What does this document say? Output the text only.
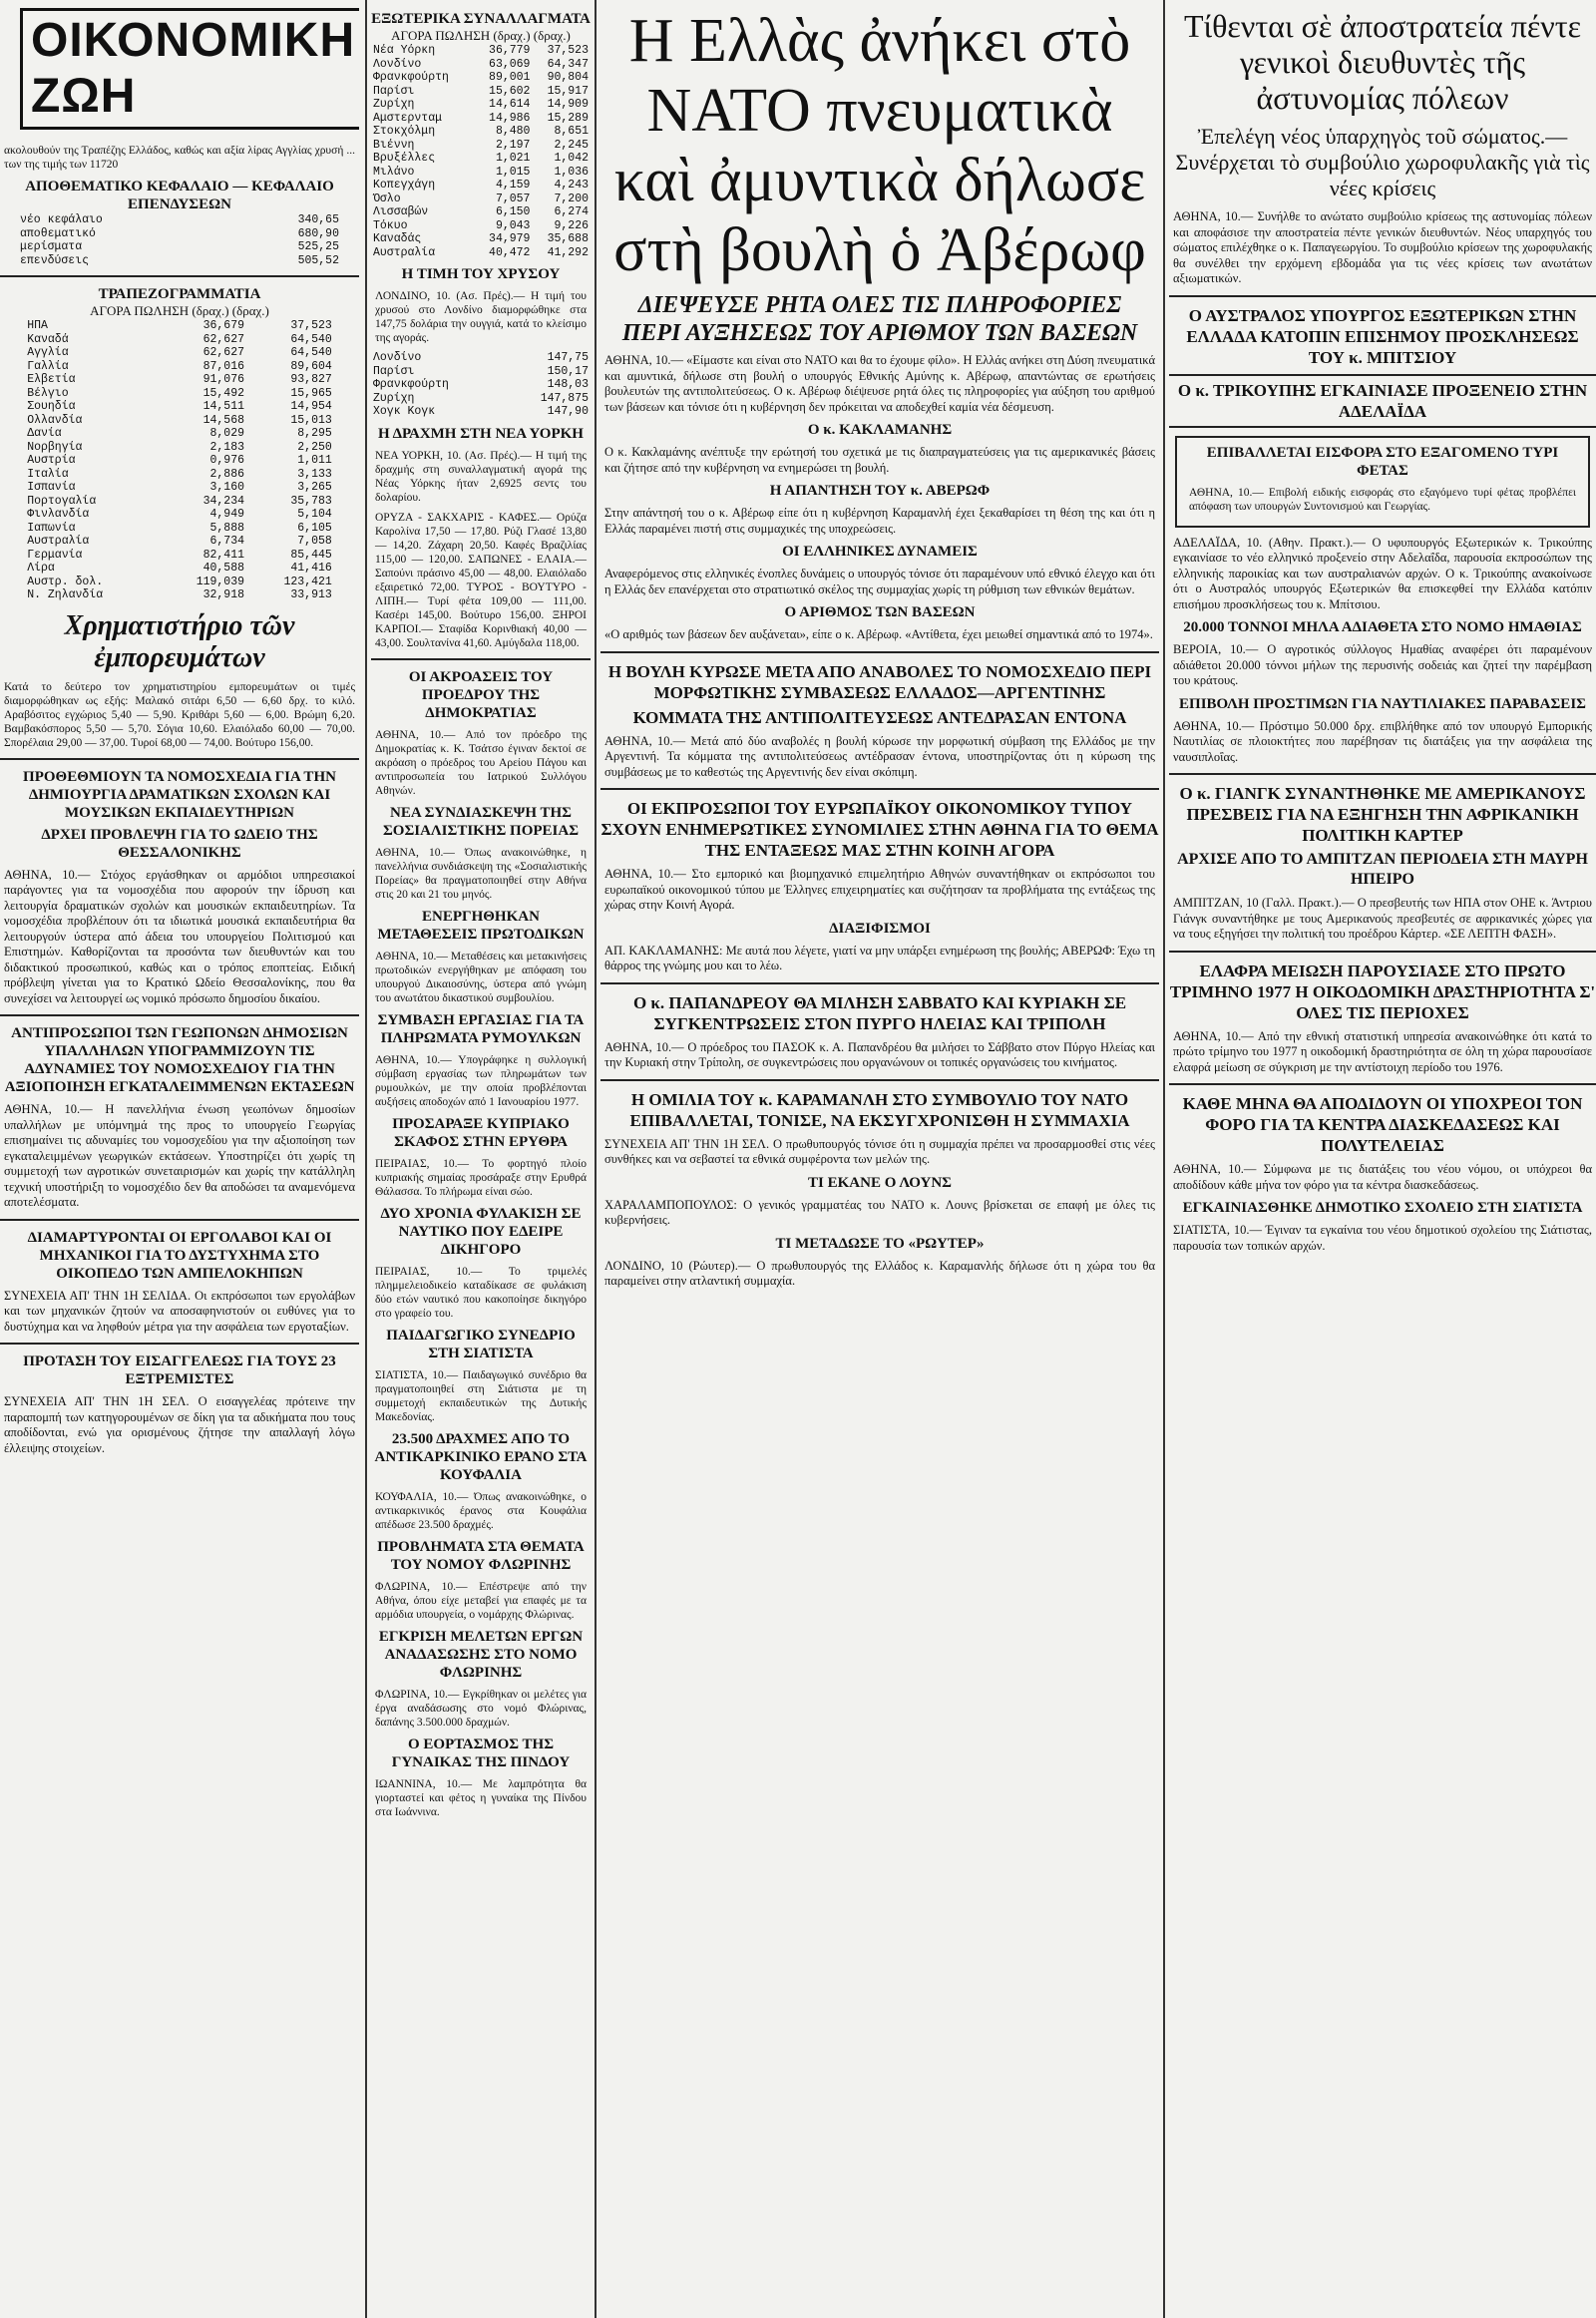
ΟΙΚΟΝΟΜΙΚΗ ΖΩΗ
ακολουθούν της Τραπέζης Ελλάδος, καθώς και αξία λίρας Αγγλίας χρυσή ... των της τιμής των 11720
ΑΠΟΘΕΜΑΤΙΚΟ ΚΕΦΑΛΑΙΟ — ΚΕΦΑΛΑΙΟ ΕΠΕΝΔΥΣΕΩΝ
νέο κεφάλαιο	340,65
αποθεματικό	680,90
μερίσματα	525,25
επενδύσεις	505,52
ΤΡΑΠΕΖΟΓΡΑΜΜΑΤΙΑ
ΑΓΟΡΑ ΠΩΛΗΣΗ (δραχ.) (δραχ.)
ΗΠΑ	36,679	37,523
Καναδά	62,627	64,540
Αγγλία	62,627	64,540
Γαλλία	87,016	89,604
Ελβετία	91,076	93,827
Βέλγιο	15,492	15,965
Σουηδία	14,511	14,954
Ολλανδία	14,568	15,013
Δανία	8,029	8,295
Νορβηγία	2,183	2,250
Αυστρία	0,976	1,011
Ιταλία	2,886	3,133
Ισπανία	3,160	3,265
Πορτογαλία	34,234	35,783
Φινλανδία	4,949	5,104
Ιαπωνία	5,888	6,105
Αυστραλία	6,734	7,058
Γερμανία	82,411	85,445
Λίρα	40,588	41,416
Αυστρ. δολ.	119,039	123,421
Ν. Ζηλανδία	32,918	33,913
Χρηματιστήριο τῶν ἐμπορευμάτων
Κατά το δεύτερο τον χρηματιστηρίου εμπορευμάτων οι τιμές διαμορφώθηκαν ως εξής: Μαλακό σιτάρι 6,50 — 6,60 δρχ. το κιλό. Αραβόσιτος εγχώριος 5,40 — 5,90. Κριθάρι 5,60 — 6,00. Βρώμη 6,20. Βαμβακόσπορος 5,50 — 5,70. Σόγια 10,60. Ελαιόλαδο 60,00 — 70,00. Σπορέλαια 29,00 — 37,00. Τυροί 68,00 — 74,00. Βούτυρο 156,00.
ΠΡΟΘΕΘΜΙΟΥΝ ΤΑ ΝΟΜΟΣΧΕΔΙΑ ΓΙΑ ΤΗΝ ΔΗΜΙΟΥΡΓΙΑ ΔΡΑΜΑΤΙΚΩΝ ΣΧΟΛΩΝ ΚΑΙ ΜΟΥΣΙΚΩΝ ΕΚΠΑΙΔΕΥΤΗΡΙΩΝ
ΔΡΧΕΙ ΠΡΟΒΛΕΨΗ ΓΙΑ ΤΟ ΩΔΕΙΟ ΤΗΣ ΘΕΣΣΑΛΟΝΙΚΗΣ
ΑΘΗΝΑ, 10.— Στόχος εργάσθηκαν οι αρμόδιοι υπηρεσιακοί παράγοντες για τα νομοσχέδια που αφορούν την ίδρυση και λειτουργία δραματικών σχολών και μουσικών εκπαιδευτηρίων. Τα νομοσχέδια προβλέπουν ότι τα ιδιωτικά μουσικά εκπαιδευτήρια θα λειτουργούν ύστερα από άδεια του υπουργείου Πολιτισμού και Επιστημών. Καθορίζονται τα προσόντα των διευθυντών και του διδακτικού προσωπικού, καθώς και ο τρόπος εποπτείας. Ειδική πρόβλεψη γίνεται για το Κρατικό Ωδείο Θεσσαλονίκης, που θα συνεχίσει να λειτουργεί ως νομικό πρόσωπο δημοσίου δικαίου.
ΑΝΤΙΠΡΟΣΩΠΟΙ ΤΩΝ ΓΕΩΠΟΝΩΝ ΔΗΜΟΣΙΩΝ ΥΠΑΛΛΗΛΩΝ ΥΠΟΓΡΑΜΜΙΖΟΥΝ ΤΙΣ ΑΔΥΝΑΜΙΕΣ ΤΟΥ ΝΟΜΟΣΧΕΔΙΟΥ ΓΙΑ ΤΗΝ ΑΞΙΟΠΟΙΗΣΗ ΕΓΚΑΤΑΛΕΙΜΜΕΝΩΝ ΕΚΤΑΣΕΩΝ
ΑΘΗΝΑ, 10.— Η πανελλήνια ένωση γεωπόνων δημοσίων υπαλλήλων με υπόμνημά της προς το υπουργείο Γεωργίας επισημαίνει τις αδυναμίες του νομοσχεδίου για την αξιοποίηση των εγκαταλειμμένων γεωργικών εκτάσεων. Υποστηρίζει ότι χωρίς τη συμμετοχή των αγροτικών συνεταιρισμών και χωρίς την κατάλληλη τεχνική υποστήριξη το νομοσχέδιο δεν θα αποδώσει τα αναμενόμενα αποτελέσματα.
ΔΙΑΜΑΡΤΥΡΟΝΤΑΙ ΟΙ ΕΡΓΟΛΑΒΟΙ ΚΑΙ ΟΙ ΜΗΧΑΝΙΚΟΙ ΓΙΑ ΤΟ ΔΥΣΤΥΧΗΜΑ ΣΤΟ ΟΙΚΟΠΕΔΟ ΤΩΝ ΑΜΠΕΛΟΚΗΠΩΝ
ΣΥΝΕΧΕΙΑ ΑΠ' ΤΗΝ 1Η ΣΕΛΙΔΑ. Οι εκπρόσωποι των εργολάβων και των μηχανικών ζητούν να αποσαφηνιστούν οι ευθύνες για το δυστύχημα και να ληφθούν μέτρα για την ασφάλεια των εργοταξίων.
ΠΡΟΤΑΣΗ ΤΟΥ ΕΙΣΑΓΓΕΛΕΩΣ ΓΙΑ ΤΟΥΣ 23 ΕΞΤΡΕΜΙΣΤΕΣ
ΣΥΝΕΧΕΙΑ ΑΠ' ΤΗΝ 1Η ΣΕΛ. Ο εισαγγελέας πρότεινε την παραπομπή των κατηγορουμένων σε δίκη για τα αδικήματα που τους αποδίδονται, ενώ για ορισμένους ζήτησε την απαλλαγή λόγω έλλειψης στοιχείων.
ΕΞΩΤΕΡΙΚΑ ΣΥΝΑΛΛΑΓΜΑΤΑ
ΑΓΟΡΑ ΠΩΛΗΣΗ (δραχ.) (δραχ.)
Νέα Υόρκη	36,779	37,523
Λονδίνο	63,069	64,347
Φρανκφούρτη	89,001	90,804
Παρίσι	15,602	15,917
Ζυρίχη	14,614	14,909
Αμστερνταμ	14,986	15,289
Στοκχόλμη	8,480	8,651
Βιέννη	2,197	2,245
Βρυξέλλες	1,021	1,042
Μιλάνο	1,015	1,036
Κοπεγχάγη	4,159	4,243
Όσλο	7,057	7,200
Λισσαβών	6,150	6,274
Τόκυο	9,043	9,226
Καναδάς	34,979	35,688
Αυστραλία	40,472	41,292
Η ΤΙΜΗ ΤΟΥ ΧΡΥΣΟΥ
ΛΟΝΔΙΝΟ, 10. (Ασ. Πρές).— Η τιμή του χρυσού στο Λονδίνο διαμορφώθηκε στα 147,75 δολάρια την ουγγιά, κατά το κλείσιμο της αγοράς.
Λονδίνο	147,75
Παρίσι	150,17
Φρανκφούρτη	148,03
Ζυρίχη	147,875
Χογκ Κογκ	147,90
Η ΔΡΑΧΜΗ ΣΤΗ ΝΕΑ ΥΟΡΚΗ
ΝΕΑ ΥΟΡΚΗ, 10. (Ασ. Πρές).— Η τιμή της δραχμής στη συναλλαγματική αγορά της Νέας Υόρκης ήταν 2,6925 σεντς του δολαρίου.
ΟΡΥΖΑ - ΣΑΚΧΑΡΙΣ - ΚΑΦΕΣ.— Ορύζα Καρολίνα 17,50 — 17,80. Ρύζι Γλασέ 13,80 — 14,20. Ζάχαρη 20,50. Καφές Βραζιλίας 115,00 — 120,00. ΣΑΠΩΝΕΣ - ΕΛΑΙΑ.— Σαπούνι πράσινο 45,00 — 48,00. Ελαιόλαδο εξαιρετικό 72,00. ΤΥΡΟΣ - ΒΟΥΤΥΡΟ - ΛΙΠΗ.— Τυρί φέτα 109,00 — 111,00. Κασέρι 145,00. Βούτυρο 156,00. ΞΗΡΟΙ ΚΑΡΠΟΙ.— Σταφίδα Κορινθιακή 40,00 — 43,00. Σουλτανίνα 41,60. Αμύγδαλα 118,00.
ΟΙ ΑΚΡΟΑΣΕΙΣ ΤΟΥ ΠΡΟΕΔΡΟΥ ΤΗΣ ΔΗΜΟΚΡΑΤΙΑΣ
ΑΘΗΝΑ, 10.— Από τον πρόεδρο της Δημοκρατίας κ. Κ. Τσάτσο έγιναν δεκτοί σε ακρόαση ο πρόεδρος του Αρείου Πάγου και αντιπροσωπεία του Ιατρικού Συλλόγου Αθηνών.
ΝΕΑ ΣΥΝΔΙΑΣΚΕΨΗ ΤΗΣ ΣΟΣΙΑΛΙΣΤΙΚΗΣ ΠΟΡΕΙΑΣ
ΑΘΗΝΑ, 10.— Όπως ανακοινώθηκε, η πανελλήνια συνδιάσκεψη της «Σοσιαλιστικής Πορείας» θα πραγματοποιηθεί στην Αθήνα στις 20 και 21 του μηνός.
ΕΝΕΡΓΗΘΗΚΑΝ ΜΕΤΑΘΕΣΕΙΣ ΠΡΩΤΟΔΙΚΩΝ
ΑΘΗΝΑ, 10.— Μεταθέσεις και μετακινήσεις πρωτοδικών ενεργήθηκαν με απόφαση του υπουργού Δικαιοσύνης, ύστερα από γνώμη του ανωτάτου δικαστικού συμβουλίου.
ΣΥΜΒΑΣΗ ΕΡΓΑΣΙΑΣ ΓΙΑ ΤΑ ΠΛΗΡΩΜΑΤΑ ΡΥΜΟΥΛΚΩΝ
ΑΘΗΝΑ, 10.— Υπογράφηκε η συλλογική σύμβαση εργασίας των πληρωμάτων των ρυμουλκών, με την οποία προβλέπονται αυξήσεις αποδοχών από 1 Ιανουαρίου 1977.
ΠΡΟΣΑΡΑΞΕ ΚΥΠΡΙΑΚΟ ΣΚΑΦΟΣ ΣΤΗΝ ΕΡΥΘΡΑ
ΠΕΙΡΑΙΑΣ, 10.— Το φορτηγό πλοίο κυπριακής σημαίας προσάραξε στην Ερυθρά Θάλασσα. Το πλήρωμα είναι σώο.
ΔΥΟ ΧΡΟΝΙΑ ΦΥΛΑΚΙΣΗ ΣΕ ΝΑΥΤΙΚΟ ΠΟΥ ΕΔΕΙΡΕ ΔΙΚΗΓΟΡΟ
ΠΕΙΡΑΙΑΣ, 10.— Το τριμελές πλημμελειοδικείο καταδίκασε σε φυλάκιση δύο ετών ναυτικό που κακοποίησε δικηγόρο στο γραφείο του.
ΠΑΙΔΑΓΩΓΙΚΟ ΣΥΝΕΔΡΙΟ ΣΤΗ ΣΙΑΤΙΣΤΑ
ΣΙΑΤΙΣΤΑ, 10.— Παιδαγωγικό συνέδριο θα πραγματοποιηθεί στη Σιάτιστα με τη συμμετοχή εκπαιδευτικών της Δυτικής Μακεδονίας.
23.500 ΔΡΑΧΜΕΣ ΑΠΟ ΤΟ ΑΝΤΙΚΑΡΚΙΝΙΚΟ ΕΡΑΝΟ ΣΤΑ ΚΟΥΦΑΛΙΑ
ΚΟΥΦΑΛΙΑ, 10.— Όπως ανακοινώθηκε, ο αντικαρκινικός έρανος στα Κουφάλια απέδωσε 23.500 δραχμές.
ΠΡΟΒΛΗΜΑΤΑ ΣΤΑ ΘΕΜΑΤΑ ΤΟΥ ΝΟΜΟΥ ΦΛΩΡΙΝΗΣ
ΦΛΩΡΙΝΑ, 10.— Επέστρεψε από την Αθήνα, όπου είχε μεταβεί για επαφές με τα αρμόδια υπουργεία, ο νομάρχης Φλώρινας.
ΕΓΚΡΙΣΗ ΜΕΛΕΤΩΝ ΕΡΓΩΝ ΑΝΑΔΑΣΩΣΗΣ ΣΤΟ ΝΟΜΟ ΦΛΩΡΙΝΗΣ
ΦΛΩΡΙΝΑ, 10.— Εγκρίθηκαν οι μελέτες για έργα αναδάσωσης στο νομό Φλώρινας, δαπάνης 3.500.000 δραχμών.
Ο ΕΟΡΤΑΣΜΟΣ ΤΗΣ ΓΥΝΑΙΚΑΣ ΤΗΣ ΠΙΝΔΟΥ
ΙΩΑΝΝΙΝΑ, 10.— Με λαμπρότητα θα γιορταστεί και φέτος η γυναίκα της Πίνδου στα Ιωάννινα.
Η Ελλὰς ἀνήκει στὸ ΝΑΤΟ πνευματικὰ καὶ ἀμυντικὰ δήλωσε στὴ βουλὴ ὁ Ἀβέρωφ
ΔΙΕΨΕΥΣΕ ΡΗΤΑ ΟΛΕΣ ΤΙΣ ΠΛΗΡΟΦΟΡΙΕΣ ΠΕΡΙ ΑΥΞΗΣΕΩΣ ΤΟΥ ΑΡΙΘΜΟΥ ΤΩΝ ΒΑΣΕΩΝ
ΑΘΗΝΑ, 10.— «Είμαστε και είναι στο ΝΑΤΟ και θα το έχουμε φίλο». Η Ελλάς ανήκει στη Δύση πνευματικά και αμυντικά, δήλωσε στη βουλή ο υπουργός Εθνικής Αμύνης κ. Αβέρωφ, απαντώντας σε ερωτήσεις βουλευτών της αντιπολιτεύσεως. Ο κ. Αβέρωφ διέψευσε ρητά όλες τις πληροφορίες για αύξηση του αριθμού των βάσεων και τόνισε ότι η κυβέρνηση δεν πρόκειται να αποδεχθεί καμία νέα δέσμευση.
Ο κ. ΚΑΚΛΑΜΑΝΗΣ
Ο κ. Κακλαμάνης ανέπτυξε την ερώτησή του σχετικά με τις διαπραγματεύσεις για τις αμερικανικές βάσεις και ζήτησε από την κυβέρνηση να ενημερώσει τη βουλή.
Η ΑΠΑΝΤΗΣΗ ΤΟΥ κ. ΑΒΕΡΩΦ
Στην απάντησή του ο κ. Αβέρωφ είπε ότι η κυβέρνηση Καραμανλή έχει ξεκαθαρίσει τη θέση της και ότι η Ελλάς παραμένει πιστή στις συμμαχικές της υποχρεώσεις.
ΟΙ ΕΛΛΗΝΙΚΕΣ ΔΥΝΑΜΕΙΣ
Αναφερόμενος στις ελληνικές ένοπλες δυνάμεις ο υπουργός τόνισε ότι παραμένουν υπό εθνικό έλεγχο και ότι η Ελλάς δεν επανέρχεται στο στρατιωτικό σκέλος της συμμαχίας χωρίς τη ρύθμιση των εθνικών θεμάτων.
Ο ΑΡΙΘΜΟΣ ΤΩΝ ΒΑΣΕΩΝ
«Ο αριθμός των βάσεων δεν αυξάνεται», είπε ο κ. Αβέρωφ. «Αντίθετα, έχει μειωθεί σημαντικά από το 1974».
Η ΒΟΥΛΗ ΚΥΡΩΣΕ ΜΕΤΑ ΑΠΟ ΑΝΑΒΟΛΕΣ ΤΟ ΝΟΜΟΣΧΕΔΙΟ ΠΕΡΙ ΜΟΡΦΩΤΙΚΗΣ ΣΥΜΒΑΣΕΩΣ ΕΛΛΑΔΟΣ—ΑΡΓΕΝΤΙΝΗΣ
ΚΟΜΜΑΤΑ ΤΗΣ ΑΝΤΙΠΟΛΙΤΕΥΣΕΩΣ ΑΝΤΕΔΡΑΣΑΝ ΕΝΤΟΝΑ
ΑΘΗΝΑ, 10.— Μετά από δύο αναβολές η βουλή κύρωσε την μορφωτική σύμβαση της Ελλάδος με την Αργεντινή. Τα κόμματα της αντιπολιτεύσεως αντέδρασαν έντονα, υποστηρίζοντας ότι η κύρωση της συμβάσεως με το καθεστώς της Αργεντινής δεν είναι σκόπιμη.
ΟΙ ΕΚΠΡΟΣΩΠΟΙ ΤΟΥ ΕΥΡΩΠΑΪΚΟΥ ΟΙΚΟΝΟΜΙΚΟΥ ΤΥΠΟΥ ΣΧΟΥΝ ΕΝΗΜΕΡΩΤΙΚΕΣ ΣΥΝΟΜΙΛΙΕΣ ΣΤΗΝ ΑΘΗΝΑ ΓΙΑ ΤΟ ΘΕΜΑ ΤΗΣ ΕΝΤΑΞΕΩΣ ΜΑΣ ΣΤΗΝ ΚΟΙΝΗ ΑΓΟΡΑ
ΑΘΗΝΑ, 10.— Στο εμπορικό και βιομηχανικό επιμελητήριο Αθηνών συναντήθηκαν οι εκπρόσωποι του ευρωπαϊκού οικονομικού τύπου με Έλληνες επιχειρηματίες και συζήτησαν τα προβλήματα της εντάξεως της χώρας στην Κοινή Αγορά.
ΔΙΑΞΙΦΙΣΜΟΙ
ΑΠ. ΚΑΚΛΑΜΑΝΗΣ: Με αυτά που λέγετε, γιατί να μην υπάρξει ενημέρωση της βουλής; ΑΒΕΡΩΦ: Έχω τη θάρρος της γνώμης μου και το λέω.
Ο κ. ΠΑΠΑΝΔΡΕΟΥ ΘΑ ΜΙΛΗΣΗ ΣΑΒΒΑΤΟ ΚΑΙ ΚΥΡΙΑΚΗ ΣΕ ΣΥΓΚΕΝΤΡΩΣΕΙΣ ΣΤΟΝ ΠΥΡΓΟ ΗΛΕΙΑΣ ΚΑΙ ΤΡΙΠΟΛΗ
ΑΘΗΝΑ, 10.— Ο πρόεδρος του ΠΑΣΟΚ κ. Α. Παπανδρέου θα μιλήσει το Σάββατο στον Πύργο Ηλείας και την Κυριακή στην Τρίπολη, σε συγκεντρώσεις που οργανώνουν οι τοπικές οργανώσεις του κινήματος.
Η ΟΜΙΛΙΑ ΤΟΥ κ. ΚΑΡΑΜΑΝΛΗ ΣΤΟ ΣΥΜΒΟΥΛΙΟ ΤΟΥ ΝΑΤΟ ΕΠΙΒΑΛΛΕΤΑΙ, ΤΟΝΙΣΕ, ΝΑ ΕΚΣΥΓΧΡΟΝΙΣΘΗ Η ΣΥΜΜΑΧΙΑ
ΣΥΝΕΧΕΙΑ ΑΠ' ΤΗΝ 1Η ΣΕΛ. Ο πρωθυπουργός τόνισε ότι η συμμαχία πρέπει να προσαρμοσθεί στις νέες συνθήκες και να σεβαστεί τα εθνικά συμφέροντα των μελών της.
ΤΙ ΕΚΑΝΕ Ο ΛΟΥΝΣ
ΧΑΡΑΛΑΜΠΟΠΟΥΛΟΣ: Ο γενικός γραμματέας του ΝΑΤΟ κ. Λουνς βρίσκεται σε επαφή με όλες τις κυβερνήσεις.
ΤΙ ΜΕΤΑΔΩΣΕ ΤΟ «ΡΩΥΤΕΡ»
ΛΟΝΔΙΝΟ, 10 (Ρώυτερ).— Ο πρωθυπουργός της Ελλάδος κ. Καραμανλής δήλωσε ότι η χώρα του θα παραμείνει στην ατλαντική συμμαχία.
Τίθενται σὲ ἀποστρατεία πέντε γενικοὶ διευθυντὲς τῆς ἀστυνομίας πόλεων
Ἐπελέγη νέος ὑπαρχηγὸς τοῦ σώματος.— Συνέρχεται τὸ συμβούλιο χωροφυλακῆς γιὰ τὶς νέες κρίσεις
ΑΘΗΝΑ, 10.— Συνήλθε το ανώτατο συμβούλιο κρίσεως της αστυνομίας πόλεων και αποφάσισε την αποστρατεία πέντε γενικών διευθυντών. Νέος υπαρχηγός του σώματος επιλέχθηκε ο κ. Παπαγεωργίου. Το συμβούλιο κρίσεων της χωροφυλακής θα συνέλθει την ερχόμενη εβδομάδα για τις νέες κρίσεις των ανωτάτων αξιωματικών.
Ο ΑΥΣΤΡΑΛΟΣ ΥΠΟΥΡΓΟΣ ΕΞΩΤΕΡΙΚΩΝ ΣΤΗΝ ΕΛΛΑΔΑ ΚΑΤΟΠΙΝ ΕΠΙΣΗΜΟΥ ΠΡΟΣΚΛΗΣΕΩΣ ΤΟΥ κ. ΜΠΙΤΣΙΟΥ
Ο κ. ΤΡΙΚΟΥΠΗΣ ΕΓΚΑΙΝΙΑΣΕ ΠΡΟΞΕΝΕΙΟ ΣΤΗΝ ΑΔΕΛΑΪΔΑ
ΕΠΙΒΑΛΛΕΤΑΙ ΕΙΣΦΟΡΑ ΣΤΟ ΕΞΑΓΟΜΕΝΟ ΤΥΡΙ ΦΕΤΑΣ
ΑΘΗΝΑ, 10.— Επιβολή ειδικής εισφοράς στο εξαγόμενο τυρί φέτας προβλέπει απόφαση των υπουργών Συντονισμού και Γεωργίας.
ΑΔΕΛΑΪΔΑ, 10. (Αθην. Πρακτ.).— Ο υφυπουργός Εξωτερικών κ. Τρικούπης εγκαινίασε το νέο ελληνικό προξενείο στην Αδελαΐδα, παρουσία εκπροσώπων της ελληνικής παροικίας και των αυστραλιανών αρχών. Ο κ. Τρικούπης ανακοίνωσε ότι ο Αυστραλός υπουργός Εξωτερικών θα επισκεφθεί την Ελλάδα κατόπιν επισήμου προσκλήσεως του κ. Μπίτσιου.
20.000 ΤΟΝΝΟΙ ΜΗΛΑ ΑΔΙΑΘΕΤΑ ΣΤΟ ΝΟΜΟ ΗΜΑΘΙΑΣ
ΒΕΡΟΙΑ, 10.— Ο αγροτικός σύλλογος Ημαθίας αναφέρει ότι παραμένουν αδιάθετοι 20.000 τόννοι μήλων της περυσινής σοδειάς και ζητεί την παρέμβαση του κράτους.
ΕΠΙΒΟΛΗ ΠΡΟΣΤΙΜΩΝ ΓΙΑ ΝΑΥΤΙΛΙΑΚΕΣ ΠΑΡΑΒΑΣΕΙΣ
ΑΘΗΝΑ, 10.— Πρόστιμο 50.000 δρχ. επιβλήθηκε από τον υπουργό Εμπορικής Ναυτιλίας σε πλοιοκτήτες που παρέβησαν τις διατάξεις για την ασφάλεια της ναυσιπλοΐας.
Ο κ. ΓΙΑΝΓΚ ΣΥΝΑΝΤΗΘΗΚΕ ΜΕ ΑΜΕΡΙΚΑΝΟΥΣ ΠΡΕΣΒΕΙΣ ΓΙΑ ΝΑ ΕΞΗΓΗΣΗ ΤΗΝ ΑΦΡΙΚΑΝΙΚΗ ΠΟΛΙΤΙΚΗ ΚΑΡΤΕΡ
ΑΡΧΙΣΕ ΑΠΟ ΤΟ ΑΜΠΙΤΖΑΝ ΠΕΡΙΟΔΕΙΑ ΣΤΗ ΜΑΥΡΗ ΗΠΕΙΡΟ
ΑΜΠΙΤΖΑΝ, 10 (Γαλλ. Πρακτ.).— Ο πρεσβευτής των ΗΠΑ στον ΟΗΕ κ. Άντριου Γιάνγκ συναντήθηκε με τους Αμερικανούς πρεσβευτές σε αφρικανικές χώρες για να τους εξηγήσει την πολιτική του προέδρου Κάρτερ. «ΣΕ ΛΕΠΤΗ ΦΑΣΗ».
ΕΛΑΦΡΑ ΜΕΙΩΣΗ ΠΑΡΟΥΣΙΑΣΕ ΣΤΟ ΠΡΩΤΟ ΤΡΙΜΗΝΟ 1977 Η ΟΙΚΟΔΟΜΙΚΗ ΔΡΑΣΤΗΡΙΟΤΗΤΑ Σ' ΟΛΕΣ ΤΙΣ ΠΕΡΙΟΧΕΣ
ΑΘΗΝΑ, 10.— Από την εθνική στατιστική υπηρεσία ανακοινώθηκε ότι κατά το πρώτο τρίμηνο του 1977 η οικοδομική δραστηριότητα σε όλη τη χώρα παρουσίασε ελαφρά μείωση σε σύγκριση με την αντίστοιχη περίοδο του 1976.
ΚΑΘΕ ΜΗΝΑ ΘΑ ΑΠΟΔΙΔΟΥΝ ΟΙ ΥΠΟΧΡΕΟΙ ΤΟΝ ΦΟΡΟ ΓΙΑ ΤΑ ΚΕΝΤΡΑ ΔΙΑΣΚΕΔΑΣΕΩΣ ΚΑΙ ΠΟΛΥΤΕΛΕΙΑΣ
ΑΘΗΝΑ, 10.— Σύμφωνα με τις διατάξεις του νέου νόμου, οι υπόχρεοι θα αποδίδουν κάθε μήνα τον φόρο για τα κέντρα διασκεδάσεως.
ΕΓΚΑΙΝΙΑΣΘΗΚΕ ΔΗΜΟΤΙΚΟ ΣΧΟΛΕΙΟ ΣΤΗ ΣΙΑΤΙΣΤΑ
ΣΙΑΤΙΣΤΑ, 10.— Έγιναν τα εγκαίνια του νέου δημοτικού σχολείου της Σιάτιστας, παρουσία των τοπικών αρχών.
